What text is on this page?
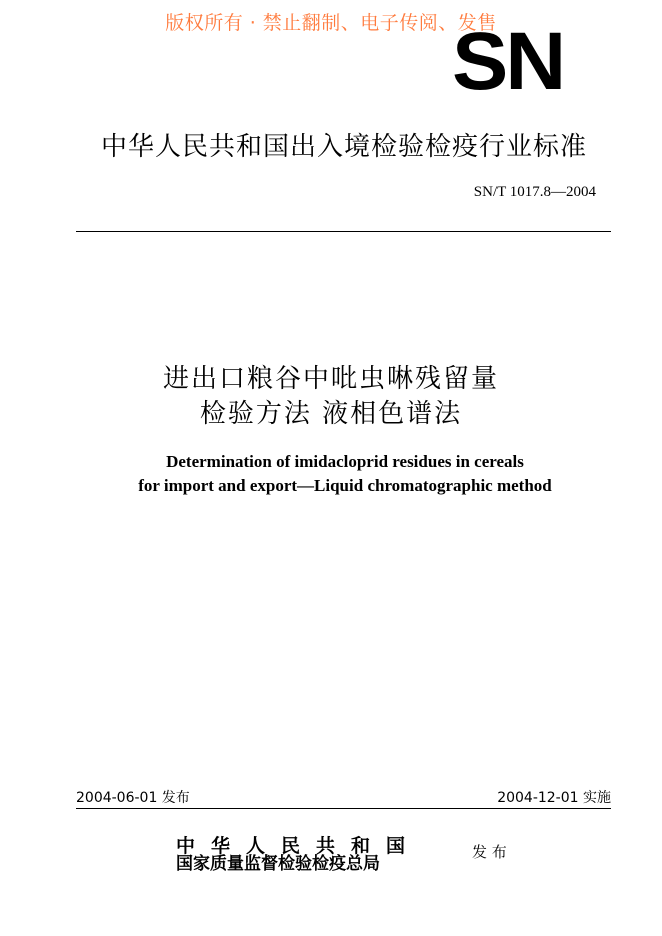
版权所有 · 禁止翻制、电子传阅、发售
SN
中华人民共和国出入境检验检疫行业标准
SN/T 1017.8—2004
进出口粮谷中吡虫啉残留量
检验方法 液相色谱法
Determination of imidacloprid residues in cereals
for import and export—Liquid chromatographic method
2004-06-01 发布	2004-12-01 实施
中华人民共和国
国家质量监督检验检疫总局
发 布
